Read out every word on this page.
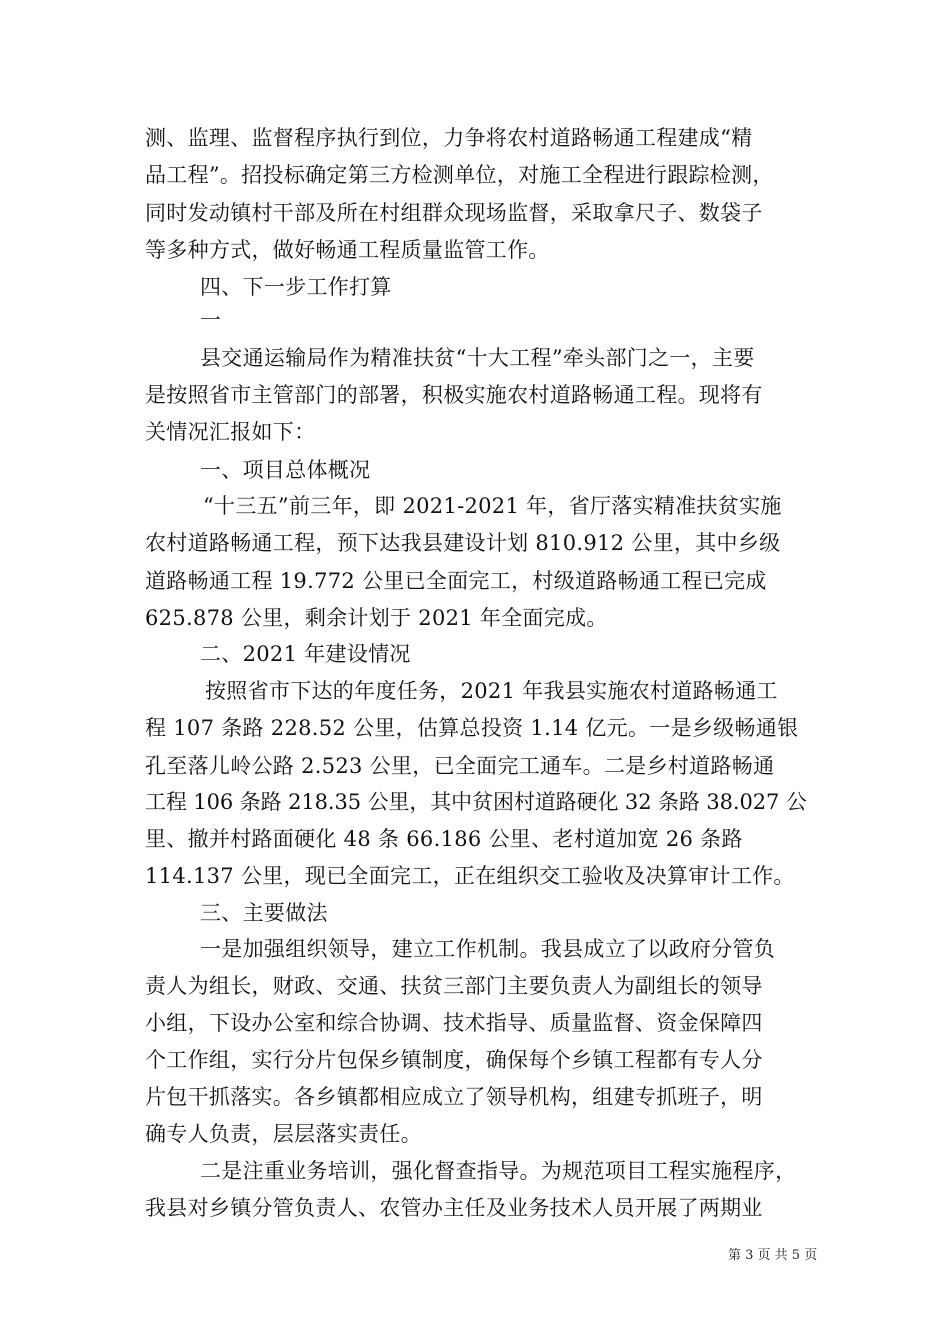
测、监理、监督程序执行到位，力争将农村道路畅通工程建成“精
品工程”。招投标确定第三方检测单位，对施工全程进行跟踪检测，
同时发动镇村干部及所在村组群众现场监督，采取拿尺子、数袋子
等多种方式，做好畅通工程质量监管工作。
四、下一步工作打算
一
县交通运输局作为精准扶贫“十大工程”牵头部门之一，主要
是按照省市主管部门的部署，积极实施农村道路畅通工程。现将有
关情况汇报如下：
一、项目总体概况
“十三五”前三年，即 2021-2021 年，省厅落实精准扶贫实施
农村道路畅通工程，预下达我县建设计划 810.912 公里，其中乡级
道路畅通工程 19.772 公里已全面完工，村级道路畅通工程已完成
625.878 公里，剩余计划于 2021 年全面完成。
二、2021 年建设情况
按照省市下达的年度任务，2021 年我县实施农村道路畅通工
程 107 条路 228.52 公里，估算总投资 1.14 亿元。一是乡级畅通银
孔至落儿岭公路 2.523 公里，已全面完工通车。二是乡村道路畅通
工程 106 条路 218.35 公里，其中贫困村道路硬化 32 条路 38.027 公
里、撤并村路面硬化 48 条 66.186 公里、老村道加宽 26 条路
114.137 公里，现已全面完工，正在组织交工验收及决算审计工作。
三、主要做法
一是加强组织领导，建立工作机制。我县成立了以政府分管负
责人为组长，财政、交通、扶贫三部门主要负责人为副组长的领导
小组，下设办公室和综合协调、技术指导、质量监督、资金保障四
个工作组，实行分片包保乡镇制度，确保每个乡镇工程都有专人分
片包干抓落实。各乡镇都相应成立了领导机构，组建专抓班子，明
确专人负责，层层落实责任。
二是注重业务培训，强化督查指导。为规范项目工程实施程序，
我县对乡镇分管负责人、农管办主任及业务技术人员开展了两期业
第 3 页 共 5 页
